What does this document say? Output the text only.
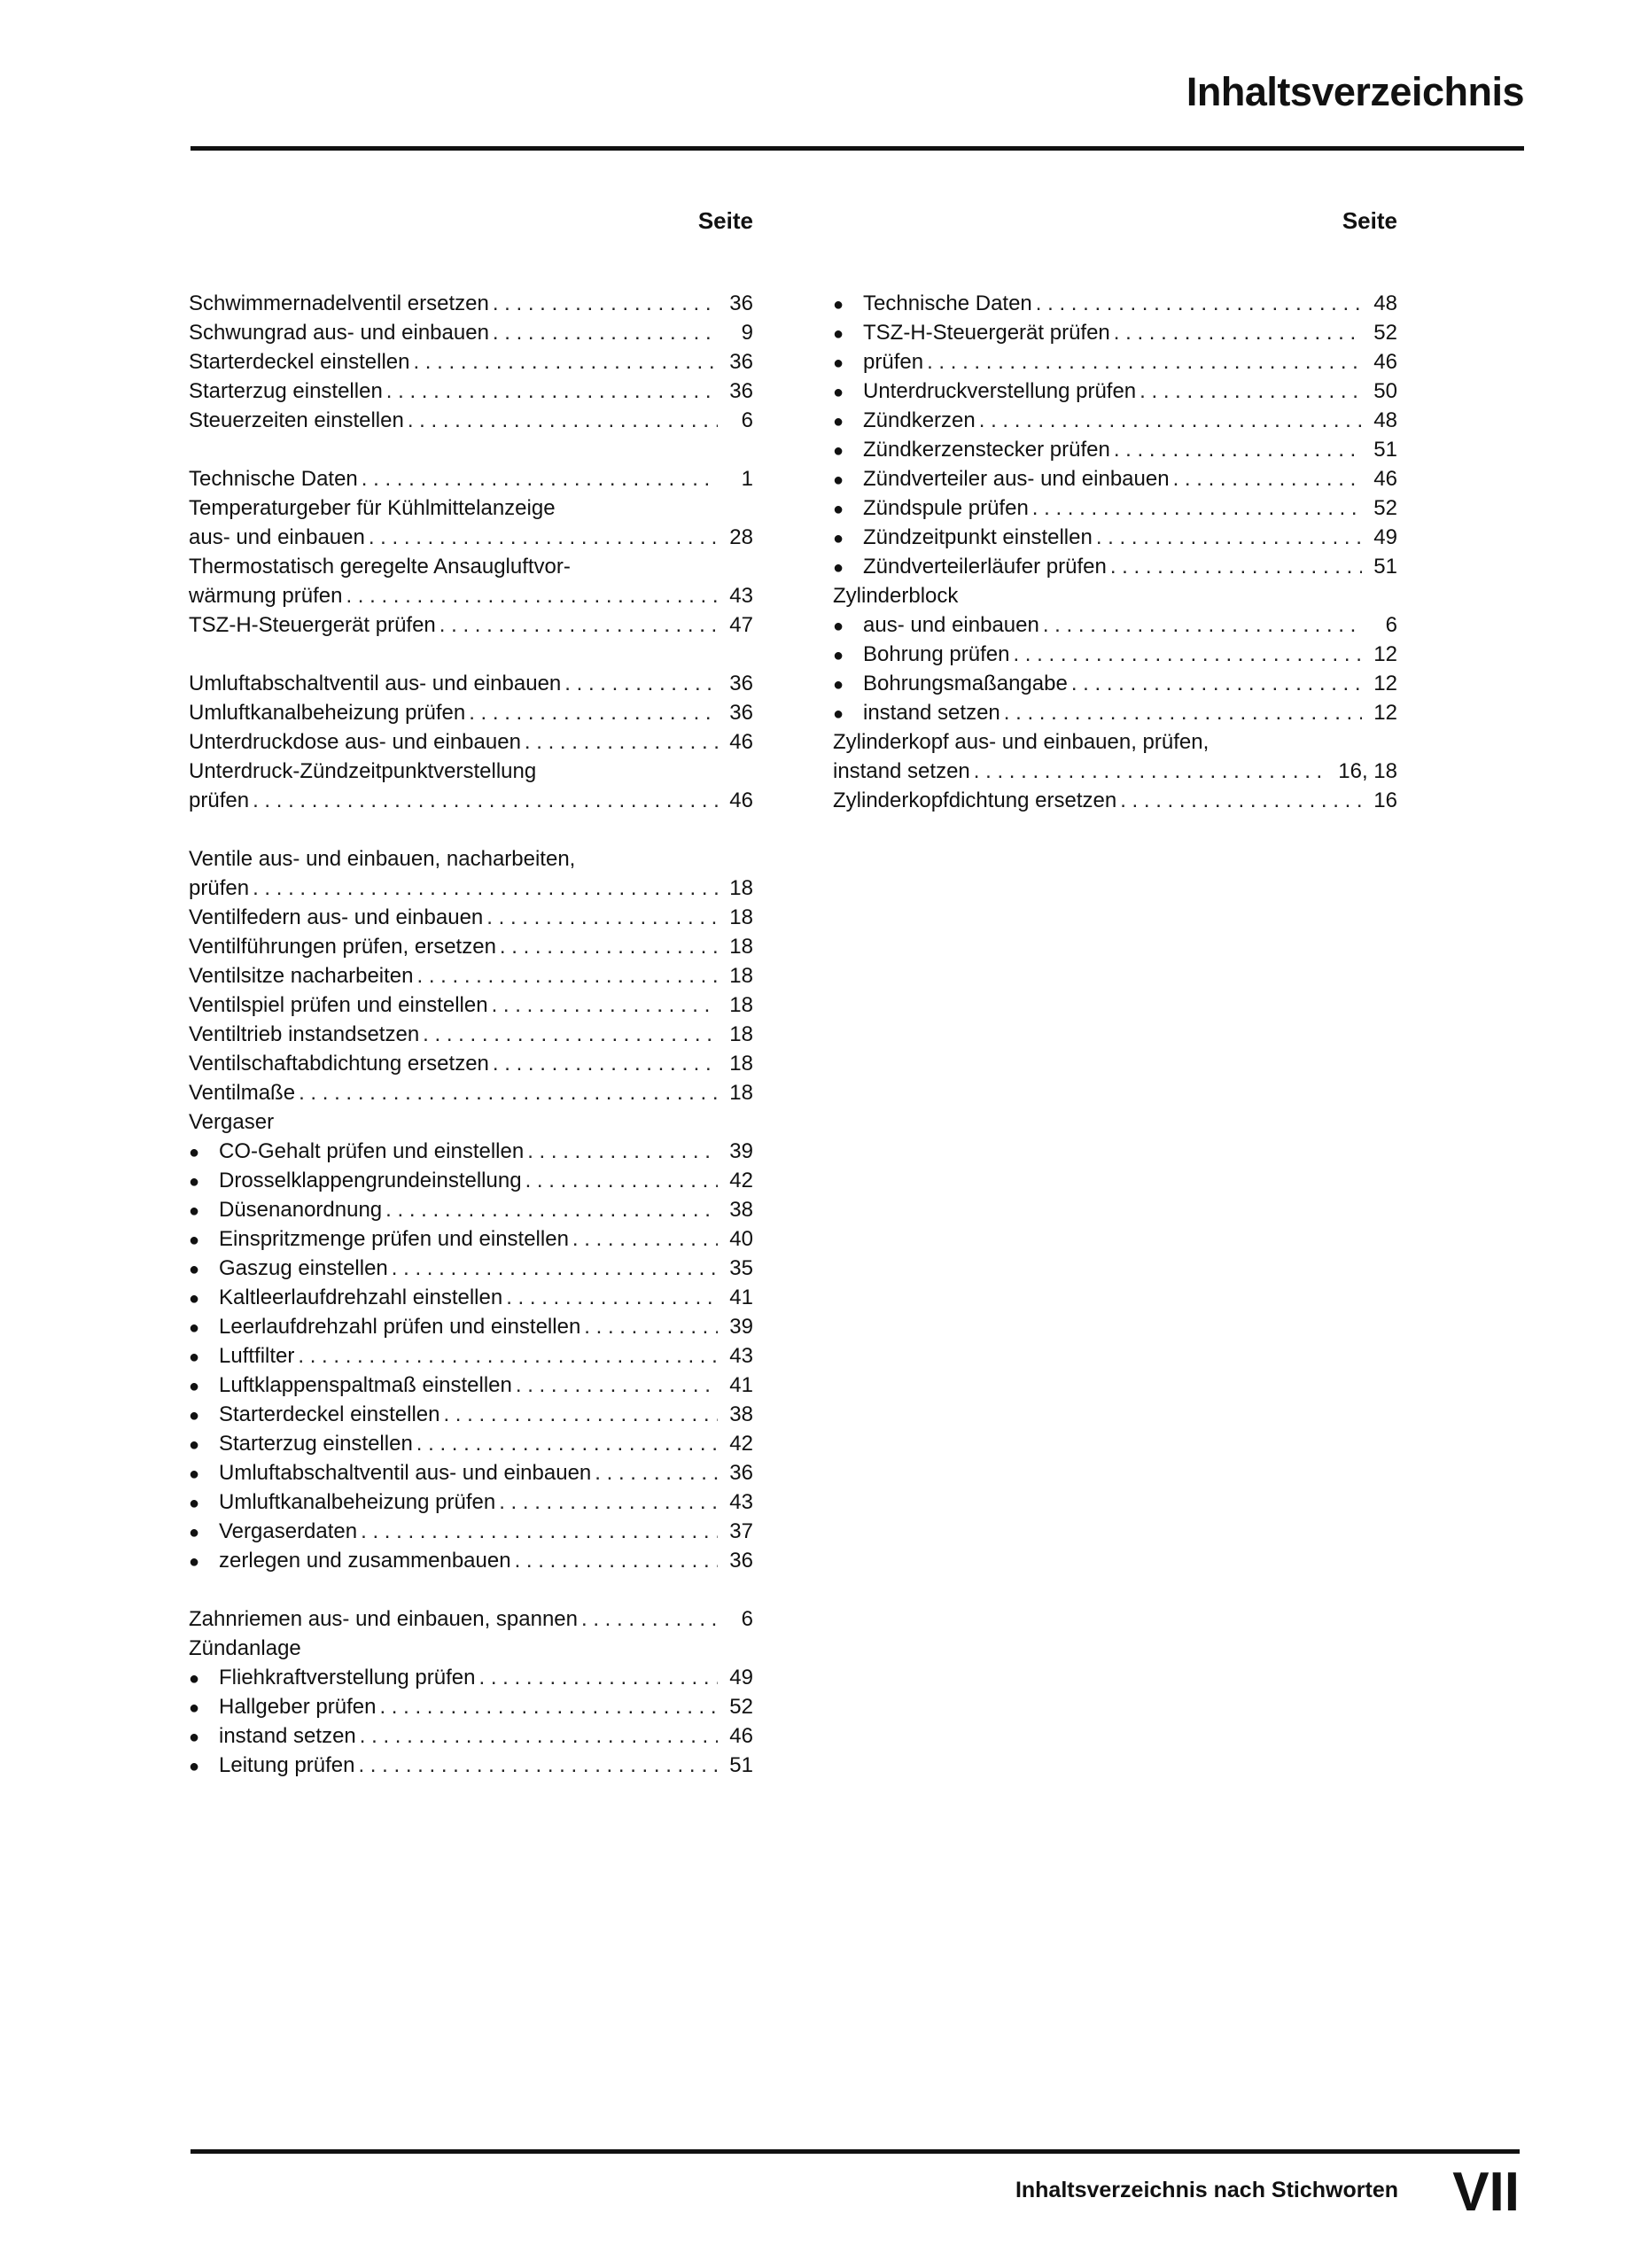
Inhaltsverzeichnis
Seite
Schwimmernadelventil ersetzen . . .	36
Schwungrad aus- und einbauen . . .	9
Starterdeckel einstellen . . .	36
Starterzug einstellen . . .	36
Steuerzeiten einstellen . . .	6
Technische Daten . . .	1
Temperaturgeber für Kühlmittelanzeige
aus- und einbauen . . .	28
Thermostatisch geregelte Ansaugluftvor-
wärmung prüfen . . .	43
TSZ-H-Steuergerät prüfen . . .	47
Umluftabschaltventil aus- und einbauen . . .	36
Umluftkanalbeheizung prüfen . . .	36
Unterdruckdose aus- und einbauen . . .	46
Unterdruck-Zündzeitpunktverstellung
prüfen . . .	46
Ventile aus- und einbauen, nacharbeiten,
prüfen . . .	18
Ventilfedern aus- und einbauen . . .	18
Ventilführungen prüfen, ersetzen . . .	18
Ventilsitze nacharbeiten . . .	18
Ventilspiel prüfen und einstellen . . .	18
Ventiltrieb instandsetzen . . .	18
Ventilschaftabdichtung ersetzen . . .	18
Ventilmaße . . .	18
Vergaser
● CO-Gehalt prüfen und einstellen . . .	39
● Drosselklappengrundeinstellung . . .	42
● Düsenanordnung . . .	38
● Einspritzmenge prüfen und einstellen . . .	40
● Gaszug einstellen . . .	35
● Kaltleerlaufdrehzahl einstellen . . .	41
● Leerlaufdrehzahl prüfen und einstellen . . .	39
● Luftfilter . . .	43
● Luftklappenspaltmaß einstellen . . .	41
● Starterdeckel einstellen . . .	38
● Starterzug einstellen . . .	42
● Umluftabschaltventil aus- und einbauen . . .	36
● Umluftkanalbeheizung prüfen . . .	43
● Vergaserdaten . . .	37
● zerlegen und zusammenbauen . . .	36
Zahnriemen aus- und einbauen, spannen . . .	6
Zündanlage
● Fliehkraftverstellung prüfen . . .	49
● Hallgeber prüfen . . .	52
● instand setzen . . .	46
● Leitung prüfen . . .	51
Seite
● Technische Daten . . .	48
● TSZ-H-Steuergerät prüfen . . .	52
● prüfen . . .	46
● Unterdruckverstellung prüfen . . .	50
● Zündkerzen . . .	48
● Zündkerzenstecker prüfen . . .	51
● Zündverteiler aus- und einbauen . . .	46
● Zündspule prüfen . . .	52
● Zündzeitpunkt einstellen . . .	49
● Zündverteilerläufer prüfen . . .	51
Zylinderblock
● aus- und einbauen . . .	6
● Bohrung prüfen . . .	12
● Bohrungsmaßangabe . . .	12
● instand setzen . . .	12
Zylinderkopf aus- und einbauen, prüfen,
instand setzen . . .	16, 18
Zylinderkopfdichtung ersetzen . . .	16
Inhaltsverzeichnis nach Stichworten VII
